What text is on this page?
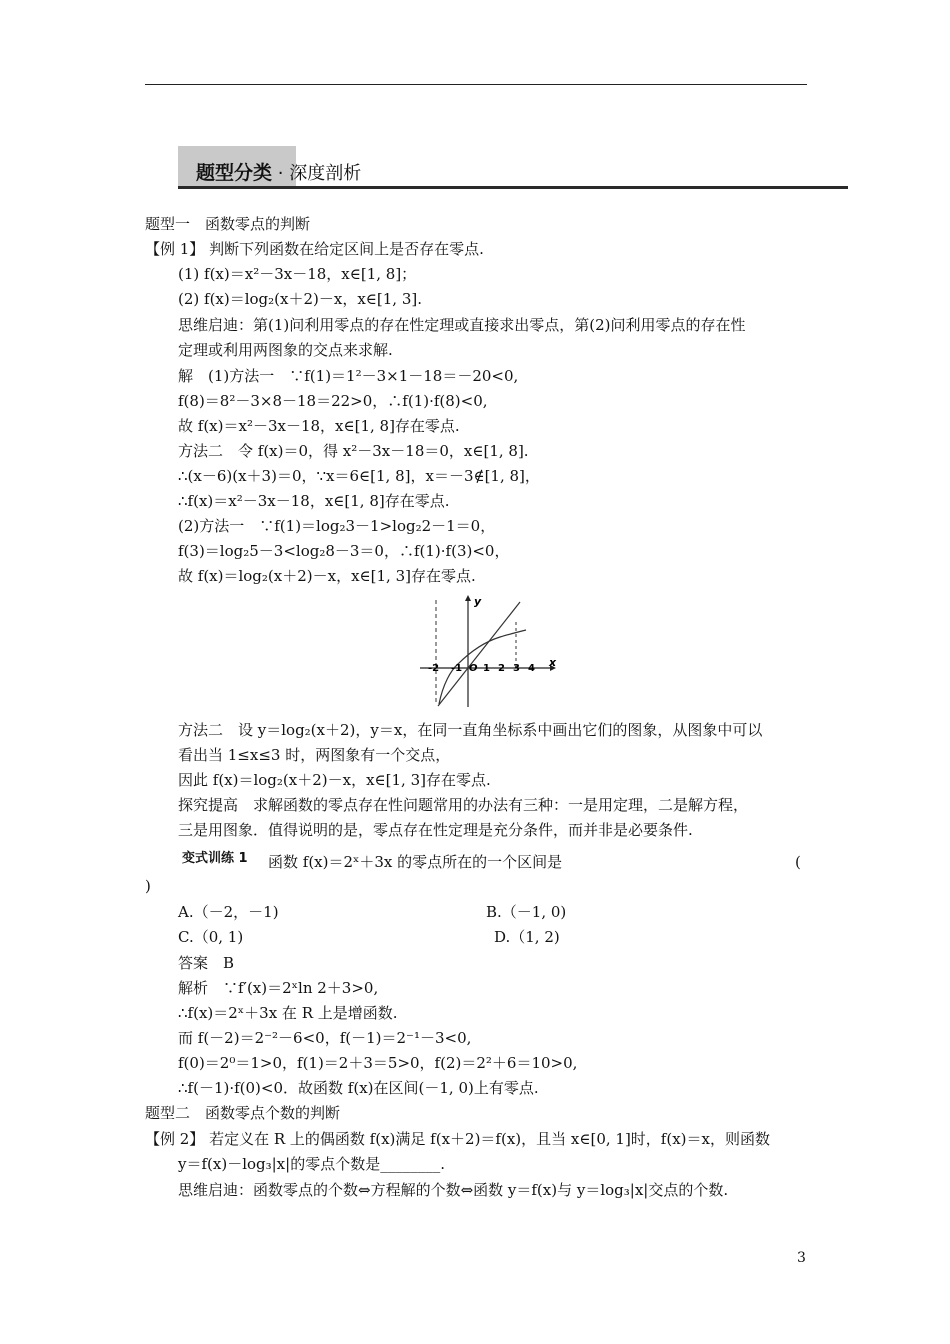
题型分类 · 深度剖析
题型一　函数零点的判断
【例 1】 判断下列函数在给定区间上是否存在零点.
(1) f(x)＝x²－3x－18，x∈[1, 8]；
(2) f(x)＝log₂(x＋2)－x，x∈[1, 3].
思维启迪：第(1)问利用零点的存在性定理或直接求出零点，第(2)问利用零点的存在性
定理或利用两图象的交点来求解.
解　(1)方法一　∵f(1)＝1²－3×1－18＝－20<0,
f(8)＝8²－3×8－18＝22>0，∴f(1)·f(8)<0,
故 f(x)＝x²－3x－18，x∈[1, 8]存在零点.
方法二　令 f(x)＝0，得 x²－3x－18＝0，x∈[1, 8].
∴(x－6)(x＋3)＝0，∵x＝6∈[1, 8]，x＝－3∉[1, 8]，
∴f(x)＝x²－3x－18，x∈[1, 8]存在零点.
(2)方法一　∵f(1)＝log₂3－1>log₂2－1＝0，
f(3)＝log₂5－3<log₂8－3＝0，∴f(1)·f(3)<0，
故 f(x)＝log₂(x＋2)－x，x∈[1, 3]存在零点.
y
x
-2 -1 O 1 2 3 4
方法二　设 y＝log₂(x＋2)，y＝x，在同一直角坐标系中画出它们的图象，从图象中可以
看出当 1≤x≤3 时，两图象有一个交点，
因此 f(x)＝log₂(x＋2)－x，x∈[1, 3]存在零点.
探究提高　求解函数的零点存在性问题常用的办法有三种：一是用定理，二是解方程，
三是用图象．值得说明的是，零点存在性定理是充分条件，而并非是必要条件.
变式训练 1 函数 f(x)＝2ˣ＋3x 的零点所在的一个区间是	(
)
A.（－2，－1)	B.（－1, 0)
C.（0, 1)	D.（1, 2)
答案　B
解析　∵f′(x)＝2ˣln 2＋3>0,
∴f(x)＝2ˣ＋3x 在 R 上是增函数.
而 f(－2)＝2⁻²－6<0，f(－1)＝2⁻¹－3<0,
f(0)＝2⁰＝1>0，f(1)＝2＋3＝5>0，f(2)＝2²＋6＝10>0,
∴f(－1)·f(0)<0．故函数 f(x)在区间(－1, 0)上有零点.
题型二　函数零点个数的判断
【例 2】 若定义在 R 上的偶函数 f(x)满足 f(x＋2)＝f(x)，且当 x∈[0, 1]时，f(x)＝x，则函数
y＝f(x)－log₃|x|的零点个数是________.
思维启迪：函数零点的个数⇔方程解的个数⇔函数 y＝f(x)与 y＝log₃|x|交点的个数.
3
